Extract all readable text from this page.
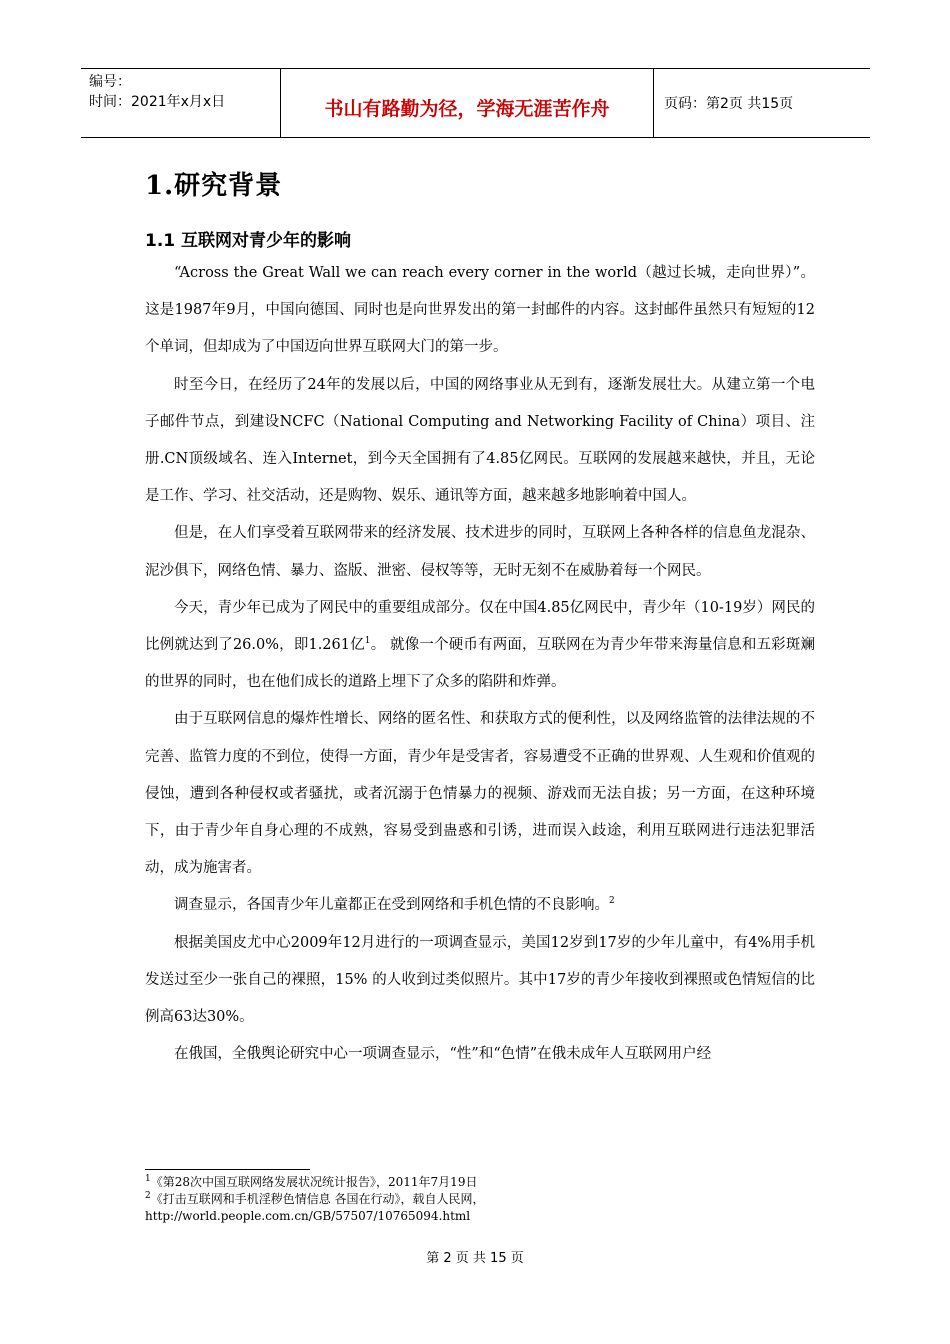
编号：
时间：2021年x月x日	书山有路勤为径，学海无涯苦作舟	页码：第2页 共15页
1.研究背景
1.1 互联网对青少年的影响

“Across the Great Wall we can reach every corner in the world（越过长城，走向世界）”。这是1987年9月，中国向德国、同时也是向世界发出的第一封邮件的内容。这封邮件虽然只有短短的12个单词，但却成为了中国迈向世界互联网大门的第一步。

时至今日，在经历了24年的发展以后，中国的网络事业从无到有，逐渐发展壮大。从建立第一个电子邮件节点，到建设NCFC（National Computing and Networking Facility of China）项目、注册.CN顶级域名、连入Internet，到今天全国拥有了4.85亿网民。互联网的发展越来越快，并且，无论是工作、学习、社交活动，还是购物、娱乐、通讯等方面，越来越多地影响着中国人。

但是，在人们享受着互联网带来的经济发展、技术进步的同时，互联网上各种各样的信息鱼龙混杂、泥沙俱下，网络色情、暴力、盗版、泄密、侵权等等，无时无刻不在威胁着每一个网民。

今天，青少年已成为了网民中的重要组成部分。仅在中国4.85亿网民中，青少年（10-19岁）网民的比例就达到了26.0%，即1.261亿$^1$。 就像一个硬币有两面，互联网在为青少年带来海量信息和五彩斑斓的世界的同时，也在他们成长的道路上埋下了众多的陷阱和炸弹。

由于互联网信息的爆炸性增长、网络的匿名性、和获取方式的便利性，以及网络监管的法律法规的不完善、监管力度的不到位，使得一方面，青少年是受害者，容易遭受不正确的世界观、人生观和价值观的侵蚀，遭到各种侵权或者骚扰，或者沉溺于色情暴力的视频、游戏而无法自拔；另一方面，在这种环境下，由于青少年自身心理的不成熟，容易受到蛊惑和引诱，进而误入歧途，利用互联网进行违法犯罪活动，成为施害者。

调查显示，各国青少年儿童都正在受到网络和手机色情的不良影响。$^2$

根据美国皮尤中心2009年12月进行的一项调查显示，美国12岁到17岁的少年儿童中，有4%用手机发送过至少一张自己的裸照，15% 的人收到过类似照片。其中17岁的青少年接收到裸照或色情短信的比例高63达30%。

在俄国，全俄舆论研究中心一项调查显示，“性”和“色情”在俄未成年人互联网用户经

$^1$《第28次中国互联网络发展状况统计报告》，2011年7月19日
$^2$《打击互联网和手机淫秽色情信息 各国在行动》，载自人民网，
http://world.people.com.cn/GB/57507/10765094.html
第 2 页 共 15 页
